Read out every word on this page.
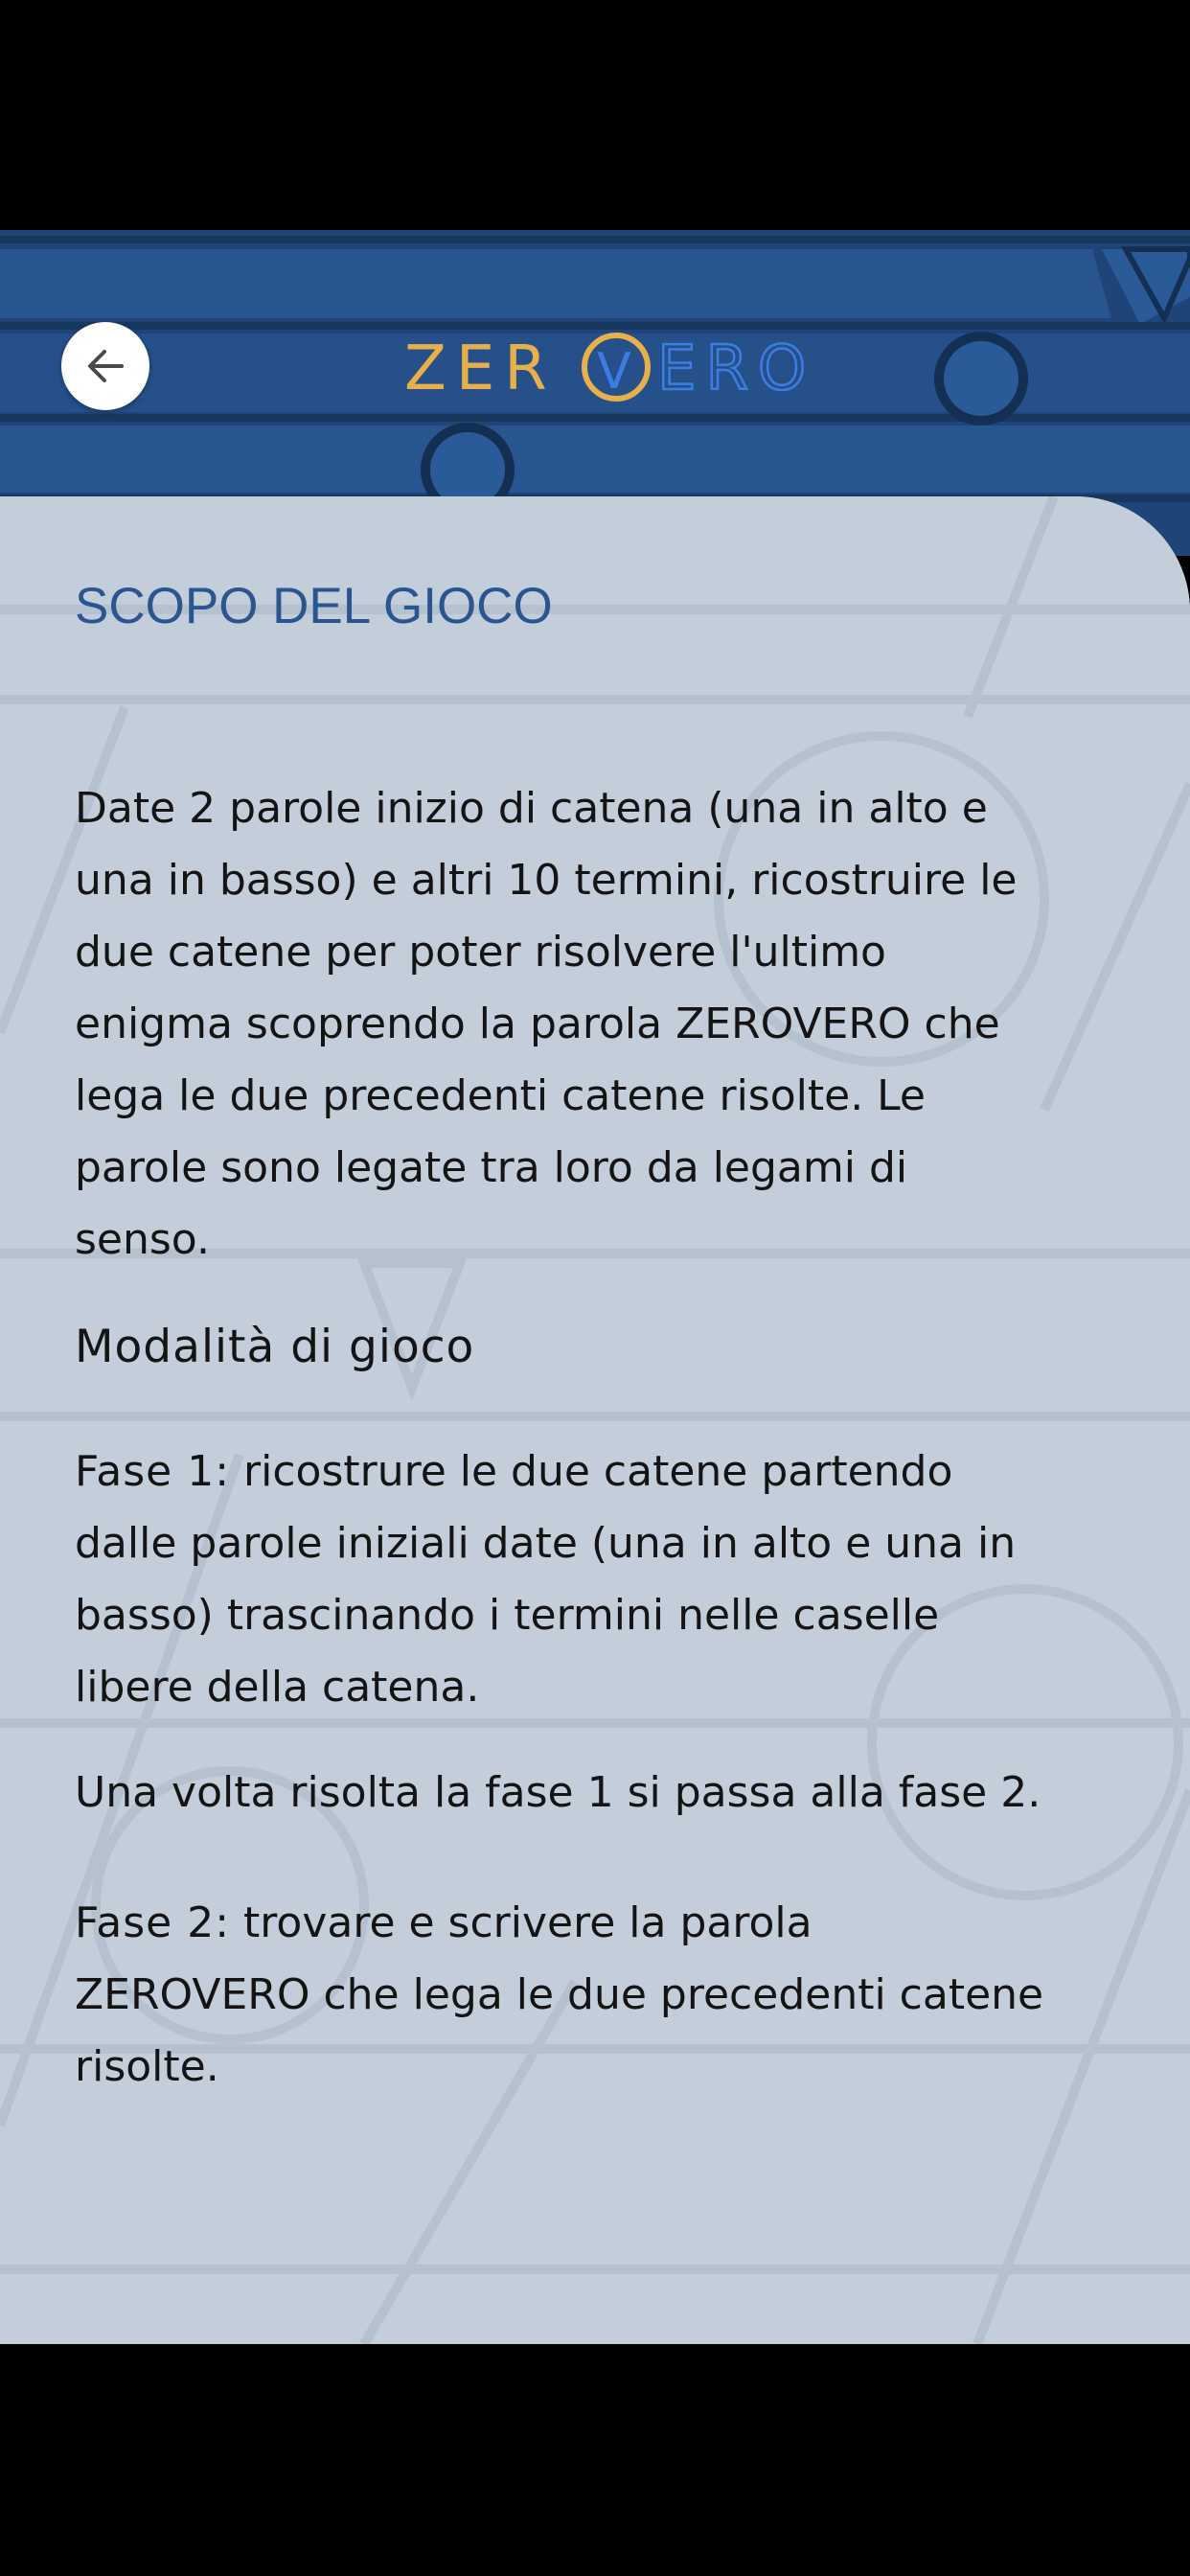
ZER V ERO
SCOPO DEL GIOCO

Date 2 parole inizio di catena (una in alto e
una in basso) e altri 10 termini, ricostruire le
due catene per poter risolvere l'ultimo
enigma scoprendo la parola ZEROVERO che
lega le due precedenti catene risolte. Le
parole sono legate tra loro da legami di
senso.

Modalità di gioco

Fase 1: ricostrure le due catene partendo
dalle parole iniziali date (una in alto e una in
basso) trascinando i termini nelle caselle
libere della catena.

Una volta risolta la fase 1 si passa alla fase 2.

Fase 2: trovare e scrivere la parola
ZEROVERO che lega le due precedenti catene
risolte.
